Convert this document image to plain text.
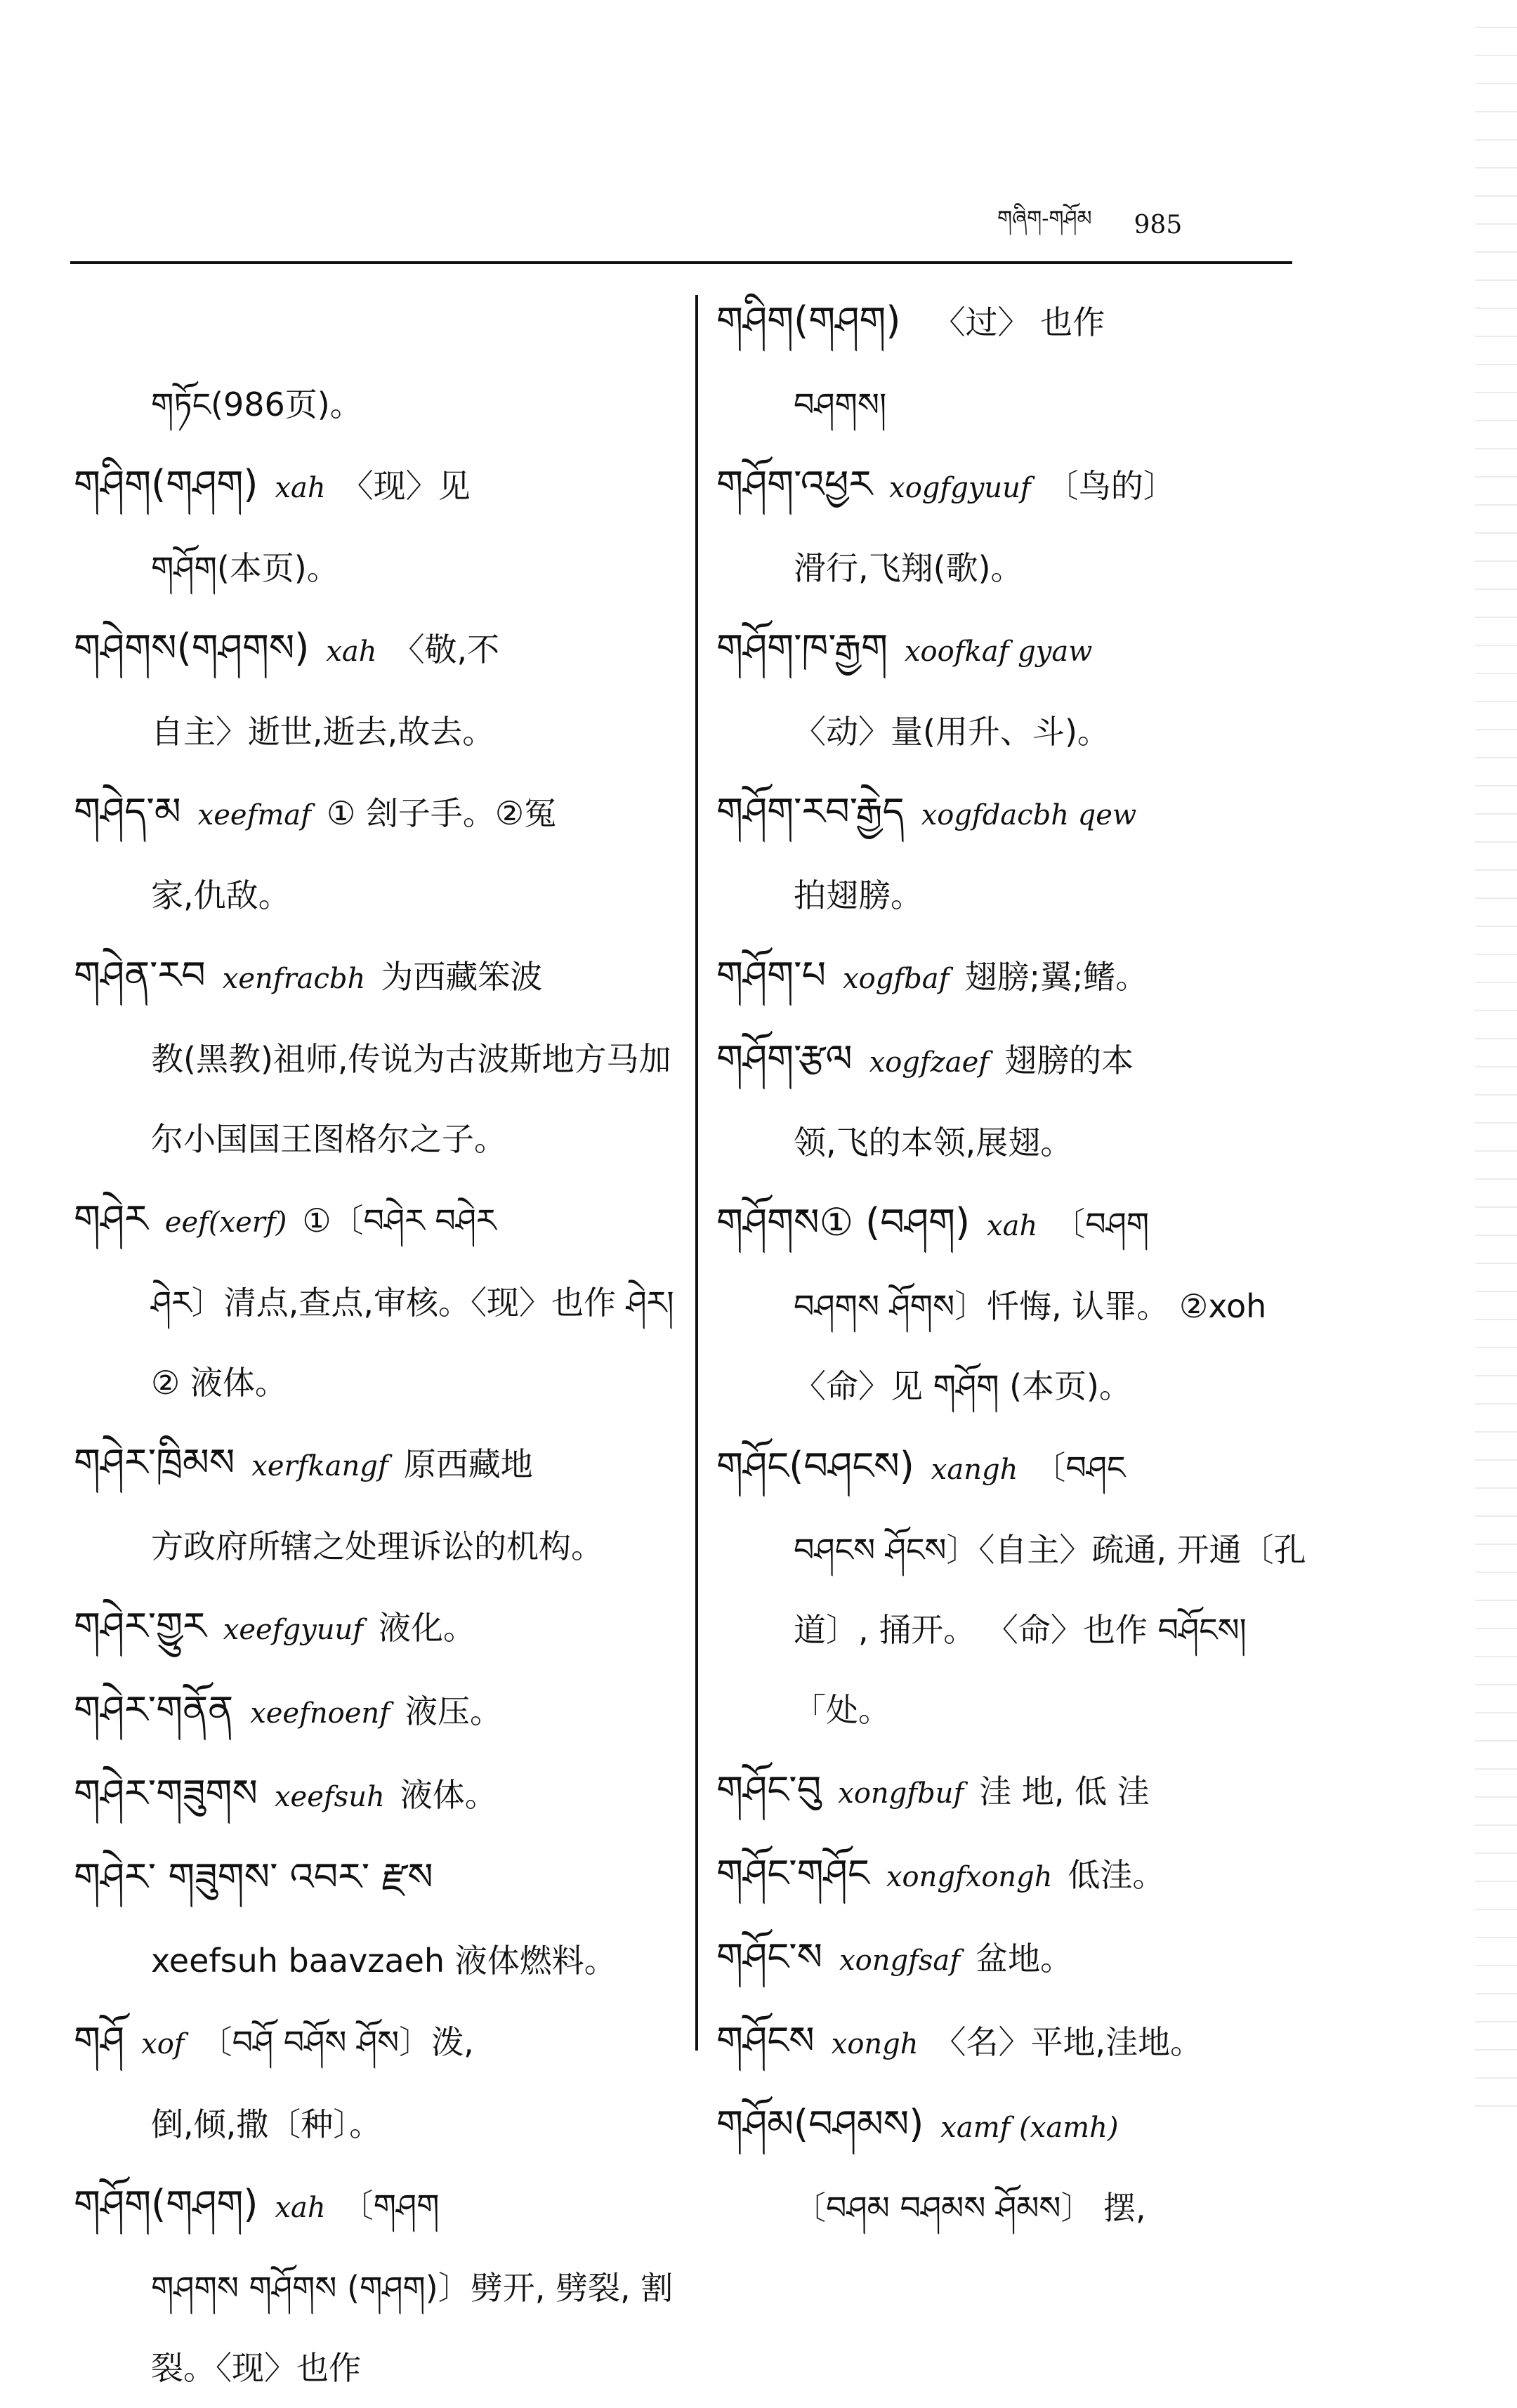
གཞིག-གཤོམ 985

གཏོང(986页)。

གཤིག(གཤག) xah 〈现〉见
གཤོག(本页)。

གཤེགས(གཤགས) xah 〈敬,不
自主〉逝世,逝去,故去。

གཤེད་མ xeefmaf ① 刽子手。②冤
家,仇敌。

གཤེན་རབ xenfracbh 为西藏笨波
教(黑教)祖师,传说为古波斯地方马加尔小国国王图格尔之子。

གཤེར eef(xerf) ①〔བཤེར བཤེར
ཤེར〕清点,查点,审核。〈现〉也作 ཤེར། ② 液体。

གཤེར་ཁྲིམས xerfkangf 原西藏地
方政府所辖之处理诉讼的机构。

གཤེར་གྱུར xeefgyuuf 液化。

གཤེར་གནོན xeefnoenf 液压。

གཤེར་གཟུགས xeefsuh 液体。

གཤེར་ གཟུགས་ འབར་ རྫས
xeefsuh baavzaeh 液体燃料。

གཤོ xof 〔བཤོ བཤོས ཤོས〕泼,
倒,倾,撒〔种〕。

གཤོག(གཤག) xah 〔གཤག
གཤགས གཤོགས (གཤག)〕劈开, 劈裂, 割裂。〈现〉也作

གཤིག(གཤག) 〈过〉 也作
བཤགས།

གཤོག་འཕྱར xogfgyuuf 〔鸟的〕
滑行,飞翔(歌)。

གཤོག་ཁ་རྒྱག xoofkaf gyaw
〈动〉量(用升、斗)。

གཤོག་རབ་རྒྱེད xogfdacbh qew
拍翅膀。

གཤོག་པ xogfbaf 翅膀;翼;鳍。

གཤོག་རྩལ xogfzaef 翅膀的本
领,飞的本领,展翅。

གཤོགས① (བཤག) xah 〔བཤག
བཤགས ཤོགས〕忏悔, 认罪。 ②xoh 〈命〉见 གཤོག (本页)。

གཤོང(བཤངས) xangh 〔བཤང
བཤངས ཤོངས〕〈自主〉疏通, 开通〔孔道〕, 捅开。 〈命〉也作 བཤོངས། 「处。

གཤོང་བུ xongfbuf 洼 地, 低 洼

གཤོང་གཤོང xongfxongh 低洼。

གཤོང་ས xongfsaf 盆地。

གཤོངས xongh 〈名〉平地,洼地。

གཤོམ(བཤམས) xamf (xamh)
〔བཤམ བཤམས ཤོམས〕 摆,
